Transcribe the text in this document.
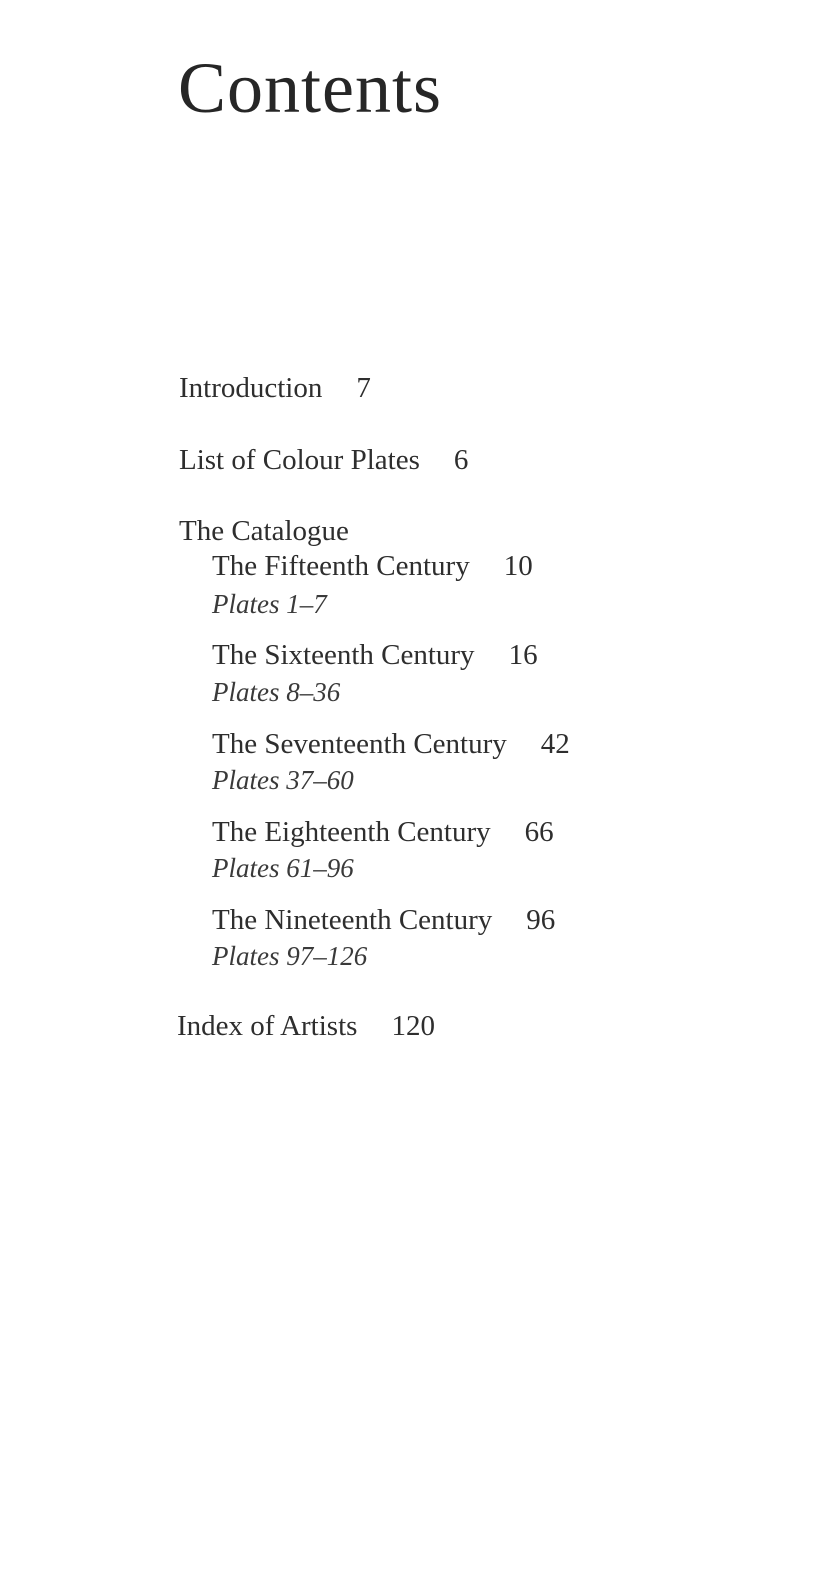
Contents
Introduction 7
List of Colour Plates 6
The Catalogue
The Fifteenth Century 10
Plates 1–7
The Sixteenth Century 16
Plates 8–36
The Seventeenth Century 42
Plates 37–60
The Eighteenth Century 66
Plates 61–96
The Nineteenth Century 96
Plates 97–126
Index of Artists 120
